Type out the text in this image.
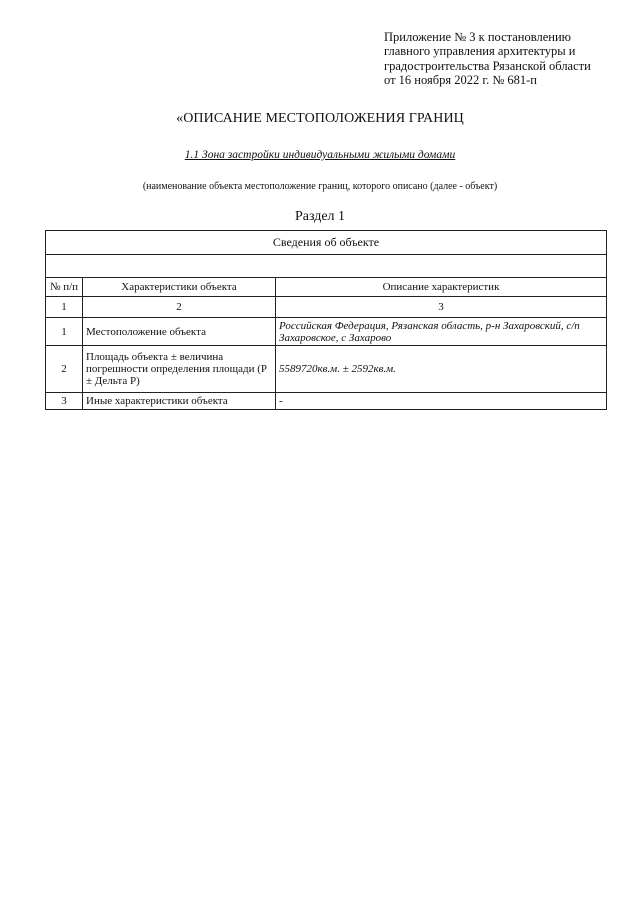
Приложение № 3 к постановлению
главного управления архитектуры и
градостроительства Рязанской области
от 16 ноября 2022 г. № 681-п
«ОПИСАНИЕ МЕСТОПОЛОЖЕНИЯ ГРАНИЦ
1.1 Зона застройки индивидуальными жилыми домами
(наименование объекта местоположение границ, которого описано (далее - объект)
Раздел 1
Сведения об объекте		

№ п/п	Характеристики объекта	Описание характеристик
1	2	3
1	Местоположение объекта	Российская Федерация, Рязанская область, р-н Захаровский, с/п Захаровское, с Захарово
2	Площадь объекта ± величина погрешности определения площади (P ± Дельта P)	5589720кв.м. ± 2592кв.м.
3	Иные характеристики объекта	-
